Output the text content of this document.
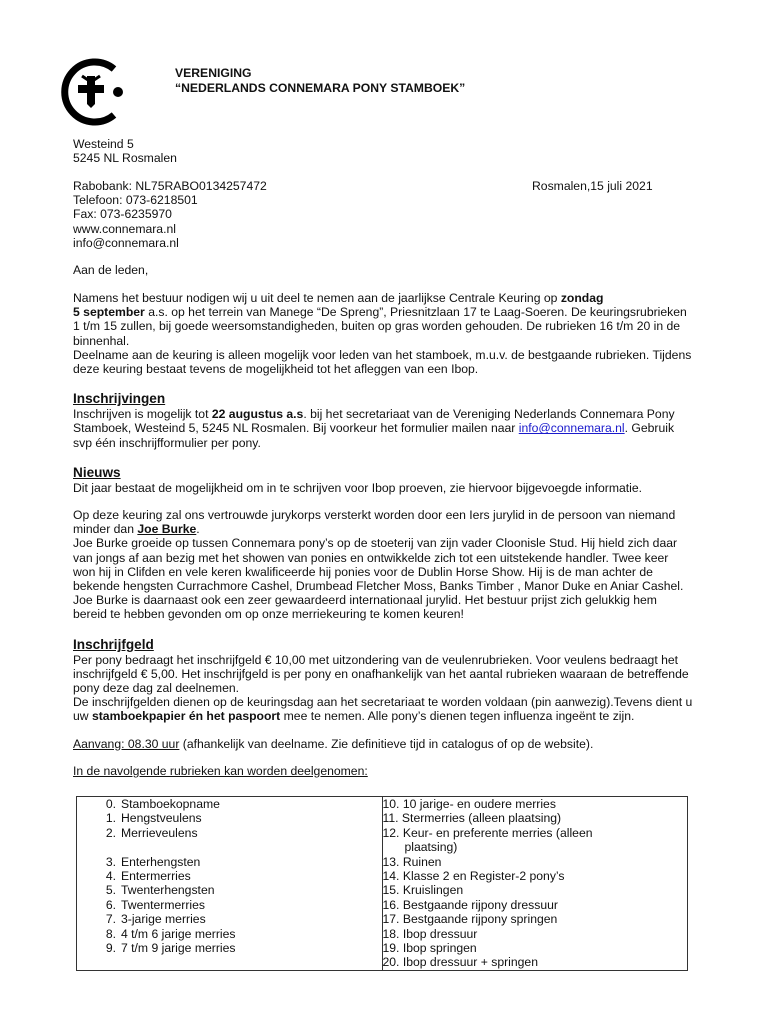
VERENIGING
“NEDERLANDS CONNEMARA PONY STAMBOEK”
Westeind 5
5245 NL Rosmalen
Rabobank: NL75RABO0134257472
Telefoon: 073-6218501
Fax: 073-6235970
www.connemara.nl
info@connemara.nl
Rosmalen,15 juli 2021
Aan de leden,

Namens het bestuur nodigen wij u uit deel te nemen aan de jaarlijkse Centrale Keuring op zondag
5 september a.s. op het terrein van Manege “De Spreng”, Priesnitzlaan 17 te Laag-Soeren. De keuringsrubrieken 1 t/m 15 zullen, bij goede weersomstandigheden, buiten op gras worden gehouden. De rubrieken 16 t/m 20 in de binnenhal.

Deelname aan de keuring is alleen mogelijk voor leden van het stamboek, m.u.v. de bestgaande rubrieken. Tijdens deze keuring bestaat tevens de mogelijkheid tot het afleggen van een Ibop.

Inschrijvingen

Inschrijven is mogelijk tot 22 augustus a.s. bij het secretariaat van de Vereniging Nederlands Connemara Pony Stamboek, Westeind 5, 5245 NL Rosmalen. Bij voorkeur het formulier mailen naar info@connemara.nl. Gebruik svp één inschrijfformulier per pony.

Nieuws

Dit jaar bestaat de mogelijkheid om in te schrijven voor Ibop proeven, zie hiervoor bijgevoegde informatie.

Op deze keuring zal ons vertrouwde jurykorps versterkt worden door een Iers jurylid in de persoon van niemand minder dan Joe Burke.

Joe Burke groeide op tussen Connemara pony’s op de stoeterij van zijn vader Cloonisle Stud. Hij hield zich daar van jongs af aan bezig met het showen van ponies en ontwikkelde zich tot een uitstekende handler. Twee keer won hij in Clifden en vele keren kwalificeerde hij ponies voor de Dublin Horse Show. Hij is de man achter de bekende hengsten Currachmore Cashel, Drumbead Fletcher Moss, Banks Timber , Manor Duke en Aniar Cashel. Joe Burke is daarnaast ook een zeer gewaardeerd internationaal jurylid. Het bestuur prijst zich gelukkig hem bereid te hebben gevonden om op onze merriekeuring te komen keuren!

Inschrijfgeld

Per pony bedraagt het inschrijfgeld € 10,00 met uitzondering van de veulenrubrieken. Voor veulens bedraagt het inschrijfgeld € 5,00. Het inschrijfgeld is per pony en onafhankelijk van het aantal rubrieken waaraan de betreffende pony deze dag zal deelnemen.

De inschrijfgelden dienen op de keuringsdag aan het secretariaat te worden voldaan (pin aanwezig).Tevens dient u uw stamboekpapier én het paspoort mee te nemen. Alle pony’s dienen tegen influenza ingeënt te zijn.

Aanvang: 08.30 uur (afhankelijk van deelname. Zie definitieve tijd in catalogus of op de website).

In de navolgende rubrieken kan worden deelgenomen:

0. Stamboekopname
1. Hengstveulens
2. Merrieveulens

3. Enterhengsten
4. Entermerries
5. Twenterhengsten
6. Twentermerries
7. 3-jarige merries
8. 4 t/m 6 jarige merries
9. 7 t/m 9 jarige merries

10. 10 jarige- en oudere merries
11. Stermerries (alleen plaatsing)
12. Keur- en preferente merries (alleen
plaatsing)
13. Ruinen
14. Klasse 2 en Register-2 pony’s
15. Kruislingen
16. Bestgaande rijpony dressuur
17. Bestgaande rijpony springen
18. Ibop dressuur
19. Ibop springen
20. Ibop dressuur + springen
